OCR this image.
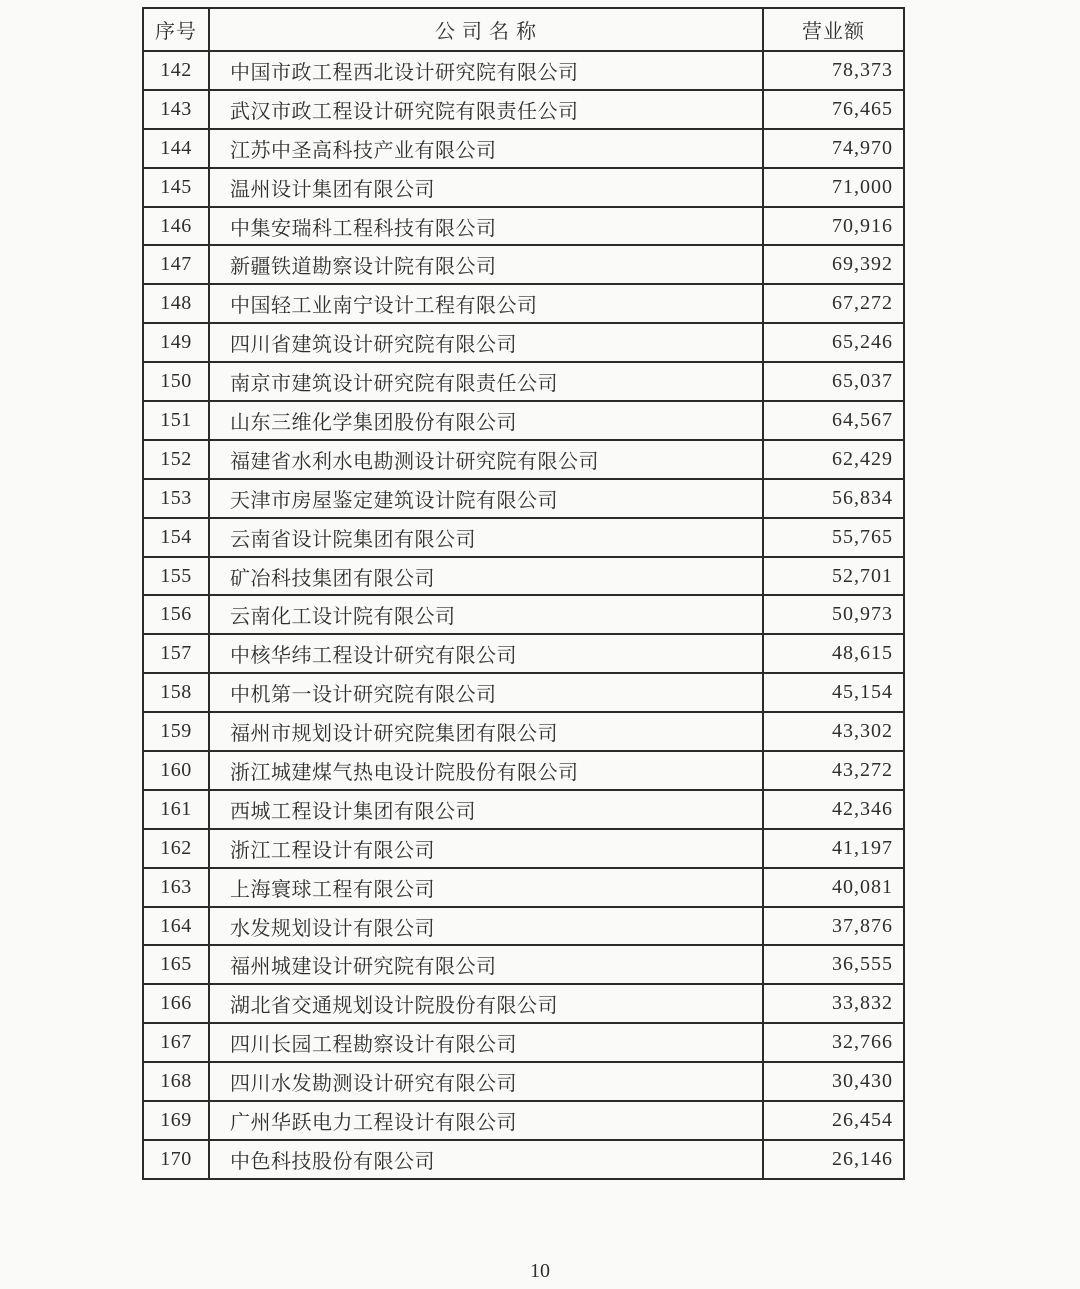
序号	公 司 名 称	营业额
142	中国市政工程西北设计研究院有限公司	78,373
143	武汉市政工程设计研究院有限责任公司	76,465
144	江苏中圣高科技产业有限公司	74,970
145	温州设计集团有限公司	71,000
146	中集安瑞科工程科技有限公司	70,916
147	新疆铁道勘察设计院有限公司	69,392
148	中国轻工业南宁设计工程有限公司	67,272
149	四川省建筑设计研究院有限公司	65,246
150	南京市建筑设计研究院有限责任公司	65,037
151	山东三维化学集团股份有限公司	64,567
152	福建省水利水电勘测设计研究院有限公司	62,429
153	天津市房屋鉴定建筑设计院有限公司	56,834
154	云南省设计院集团有限公司	55,765
155	矿冶科技集团有限公司	52,701
156	云南化工设计院有限公司	50,973
157	中核华纬工程设计研究有限公司	48,615
158	中机第一设计研究院有限公司	45,154
159	福州市规划设计研究院集团有限公司	43,302
160	浙江城建煤气热电设计院股份有限公司	43,272
161	西城工程设计集团有限公司	42,346
162	浙江工程设计有限公司	41,197
163	上海寰球工程有限公司	40,081
164	水发规划设计有限公司	37,876
165	福州城建设计研究院有限公司	36,555
166	湖北省交通规划设计院股份有限公司	33,832
167	四川长园工程勘察设计有限公司	32,766
168	四川水发勘测设计研究有限公司	30,430
169	广州华跃电力工程设计有限公司	26,454
170	中色科技股份有限公司	26,146
10
